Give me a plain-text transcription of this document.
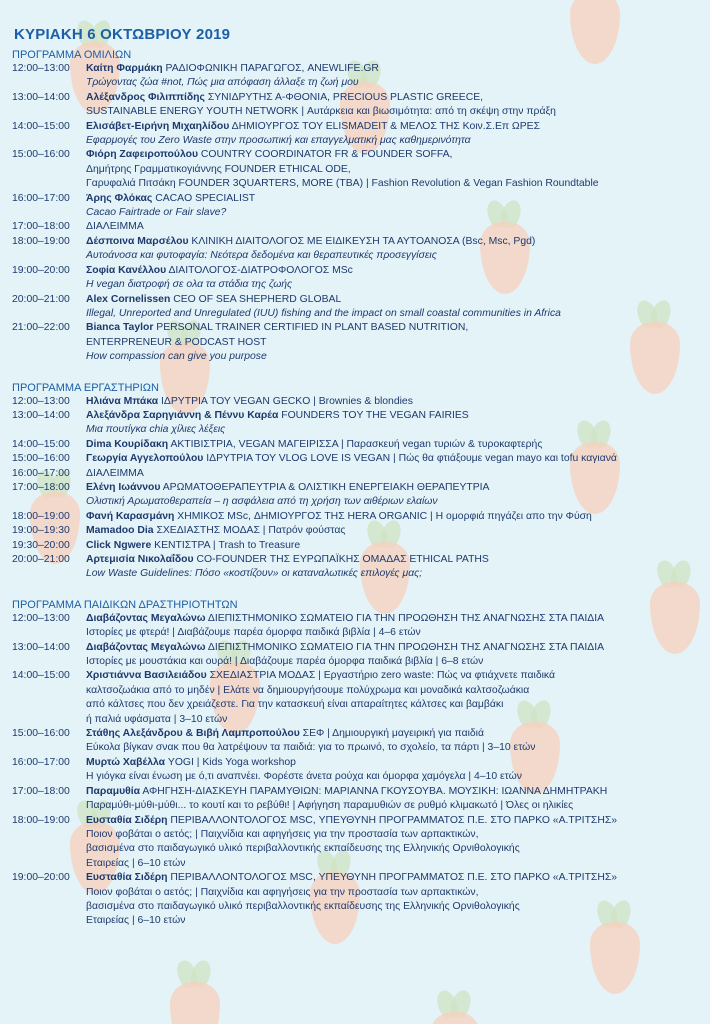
ΚΥΡΙΑΚΗ 6 ΟΚΤΩΒΡΙΟΥ 2019
ΠΡΟΓΡΑΜΜΑ ΟΜΙΛΙΩΝ
12:00–13:00	Καίτη Φαρμάκη ΡΑΔΙΟΦΩΝΙΚΗ ΠΑΡΑΓΩΓΟΣ, ANEWLIFE.GR
Τρώγοντας ζώα #not, Πώς μια απόφαση άλλαξε τη ζωή μου
13:00–14:00	Αλέξανδρος Φιλιππίδης ΣΥΝΙΔΡΥΤΗΣ Α-ΦΘΟΝΙΑ, PRECIOUS PLASTIC GREECE,
SUSTAINABLE ENERGY YOUTH NETWORK | Αυτάρκεια και βιωσιμότητα: από τη σκέψη στην πράξη
14:00–15:00	Ελισάβετ-Ειρήνη Μιχαηλίδου ΔΗΜΙΟΥΡΓΟΣ ΤΟΥ ELISMADEIT & ΜΕΛΟΣ ΤΗΣ Κοιν.Σ.Επ ΩΡΕΣ
Εφαρμογές του Zero Waste στην προσωπική και επαγγελματική μας καθημερινότητα
15:00–16:00	Φιόρη Ζαφειροπούλου COUNTRY COORDINATOR FR & FOUNDER SOFFA,
Δημήτρης Γραμματικογιάννης FOUNDER ETHICAL ODE,
Γαρυφαλιά Πιτσάκη FOUNDER 3QUARTERS, MORE (TBA) | Fashion Revolution & Vegan Fashion Roundtable
16:00–17:00	Άρης Φλόκας CACAO SPECIALIST
Cacao Fairtrade or Fair slave?
17:00–18:00	ΔΙΑΛΕΙΜΜΑ
18:00–19:00	Δέσποινα Μαρσέλου ΚΛΙΝΙΚΗ ΔΙΑΙΤΟΛΟΓΟΣ ΜΕ ΕΙΔΙΚΕΥΣΗ ΤΑ ΑΥΤΟΑΝΟΣΑ (Bsc, Msc, Pgd)
Αυτοάνοσα και φυτοφαγία: Νεότερα δεδομένα και θεραπευτικές προσεγγίσεις
19:00–20:00	Σοφία Κανέλλου ΔΙΑΙΤΟΛΟΓΟΣ-ΔΙΑΤΡΟΦΟΛΟΓΟΣ MSc
Η vegan διατροφή σε ολα τα στάδια της ζωής
20:00–21:00	Alex Cornelissen CEO OF SEA SHEPHERD GLOBAL
Illegal, Unreported and Unregulated (IUU) fishing and the impact on small coastal communities in Africa
21:00–22:00	Bianca Taylor PERSONAL TRAINER CERTIFIED IN PLANT BASED NUTRITION,
ENTERPRENEUR & PODCAST HOST
How compassion can give you purpose
ΠΡΟΓΡΑΜΜΑ ΕΡΓΑΣΤΗΡΙΩΝ
12:00–13:00	Ηλιάνα Μπάκα ΙΔΡΥΤΡΙΑ ΤΟΥ VEGAN GECKO | Brownies & blondies
13:00–14:00	Αλεξάνδρα Σαρηγιάννη & Πέννυ Καρέα FOUNDERS TOY THE VEGAN FAIRIES
Μια πουτίγκα chia χίλιες λέξεις
14:00–15:00	Dima Κουρίδακη ΑΚΤΙΒΙΣΤΡΙΑ, VEGAN ΜΑΓΕΙΡΙΣΣΑ | Παρασκευή vegan τυριών & τυροκαφτερής
15:00–16:00	Γεωργία Αγγελοπούλου ΙΔΡΥΤΡΙΑ ΤΟΥ VLOG LOVE IS VEGAN | Πώς θα φτιάξουμε vegan mayo και tofu καγιανά
16:00–17:00	ΔΙΑΛΕΙΜΜΑ
17:00–18:00	Ελένη Ιωάννου ΑΡΩΜΑΤΟΘΕΡΑΠΕΥΤΡΙΑ & ΟΛΙΣΤΙΚΗ ΕΝΕΡΓΕΙΑΚΗ ΘΕΡΑΠΕΥΤΡΙΑ
Ολιστική Αρωματοθεραπεία – η ασφάλεια από τη χρήση των αιθέριων ελαίων
18:00–19:00	Φανή Καρασμάνη ΧΗΜΙΚΟΣ MSc, ΔΗΜΙΟΥΡΓΟΣ ΤΗΣ HERA ORGANIC | Η ομορφιά πηγάζει απο την Φύση
19:00–19:30	Mamadoo Dia ΣΧΕΔΙΑΣΤΗΣ ΜΟΔΑΣ | Πατρόν φούστας
19:30–20:00	Click Ngwere ΚΕΝΤΙΣΤΡΑ | Trash to Treasure
20:00–21:00	Αρτεμισία Νικολαΐδου CO-FOUNDER ΤΗΣ ΕΥΡΩΠΑΪΚΗΣ ΟΜΑΔΑΣ ETHICAL PATHS
Low Waste Guidelines: Πόσο «κοστίζουν» οι καταναλωτικές επιλογές μας;
ΠΡΟΓΡΑΜΜΑ ΠΑΙΔΙΚΩΝ ΔΡΑΣΤΗΡΙΟΤΗΤΩΝ
12:00–13:00	Διαβάζοντας Μεγαλώνω ΔΙΕΠΙΣΤΗΜΟΝΙΚΟ ΣΩΜΑΤΕΙΟ ΓΙΑ ΤΗΝ ΠΡΟΩΘΗΣΗ ΤΗΣ ΑΝΑΓΝΩΣΗΣ ΣΤΑ ΠΑΙΔΙΑ
Ιστορίες με φτερά! | Διαβάζουμε παρέα όμορφα παιδικά βιβλία | 4–6 ετών
13:00–14:00	Διαβάζοντας Μεγαλώνω ΔΙΕΠΙΣΤΗΜΟΝΙΚΟ ΣΩΜΑΤΕΙΟ ΓΙΑ ΤΗΝ ΠΡΟΩΘΗΣΗ ΤΗΣ ΑΝΑΓΝΩΣΗΣ ΣΤΑ ΠΑΙΔΙΑ
Ιστορίες με μουστάκια και ουρά! | Διαβάζουμε παρέα όμορφα παιδικά βιβλία | 6–8 ετών
14:00–15:00	Χριστιάννα Βασιλειάδου ΣΧΕΔΙΑΣΤΡΙΑ ΜΟΔΑΣ | Εργαστήριο zero waste: Πώς να φτιάχνετε παιδικά
καλτσοζωάκια από το μηδέν | Ελάτε να δημιουργήσουμε πολύχρωμα και μοναδικά καλτσοζωάκια
από κάλτσες που δεν χρειάζεστε. Για την κατασκευή είναι απαραίτητες κάλτσες και βαμβάκι
ή παλιά υφάσματα | 3–10 ετών
15:00–16:00	Στάθης Αλεξάνδρου & Βιβή Λαμπροπούλου ΣΕΦ | Δημιουργική μαγειρική για παιδιά
Εύκολα βίγκαν σνακ που θα λατρέψουν τα παιδιά: για το πρωινό, το σχολείο, τα πάρτι | 3–10 ετών
16:00–17:00	Μυρτώ Χαβέλλα YOGI | Kids Yoga workshop
Η γιόγκα είναι ένωση με ό,τι αναπνέει. Φορέστε άνετα ρούχα και όμορφα χαμόγελα | 4–10 ετών
17:00–18:00	Παραμυθία ΑΦΗΓΗΣΗ-ΔΙΑΣΚΕΥΗ ΠΑΡΑΜΥΘΙΩΝ: ΜΑΡΙΑΝΝΑ ΓΚΟΥΣΟΥΒΑ. ΜΟΥΣΙΚΗ: ΙΩΑΝΝΑ ΔΗΜΗΤΡΑΚΗ
Παραμύθι-μύθι-μύθι... το κουτί και το ρεβύθι! | Αφήγηση παραμυθιών σε ρυθμό κλιμακωτό | Όλες οι ηλικίες
18:00–19:00	Ευσταθία Σιδέρη ΠΕΡΙΒΑΛΛΟΝΤΟΛΟΓΟΣ MSC, ΥΠΕΥΘΥΝΗ ΠΡΟΓΡΑΜΜΑΤΟΣ Π.Ε. ΣΤΟ ΠΑΡΚΟ «Α.ΤΡΙΤΣΗΣ»
Ποιον φοβάται ο αετός; | Παιχνίδια και αφηγήσεις για την προστασία των αρπακτικών,
βασισμένα στο παιδαγωγικό υλικό περιβαλλοντικής εκπαίδευσης της Ελληνικής Ορνιθολογικής
Εταιρείας | 6–10 ετών
19:00–20:00	Ευσταθία Σιδέρη ΠΕΡΙΒΑΛΛΟΝΤΟΛΟΓΟΣ MSC, ΥΠΕΥΘΥΝΗ ΠΡΟΓΡΑΜΜΑΤΟΣ Π.Ε. ΣΤΟ ΠΑΡΚΟ «Α.ΤΡΙΤΣΗΣ»
Ποιον φοβάται ο αετός; | Παιχνίδια και αφηγήσεις για την προστασία των αρπακτικών,
βασισμένα στο παιδαγωγικό υλικό περιβαλλοντικής εκπαίδευσης της Ελληνικής Ορνιθολογικής
Εταιρείας | 6–10 ετών
